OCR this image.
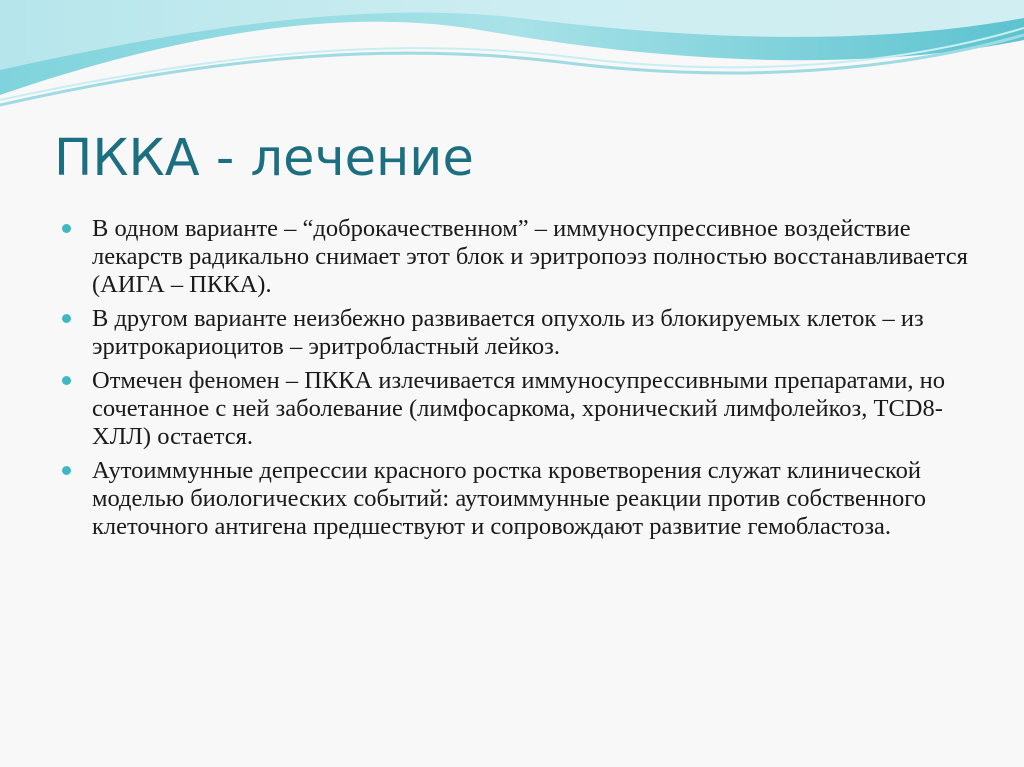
ПККА - лечение
В одном варианте – “доброкачественном” – иммуносупрессивное воздействие лекарств радикально снимает этот блок и эритропоэз полностью восстанавливается (АИГА – ПККА).
В другом варианте неизбежно развивается опухоль из блокируемых клеток – из эритрокариоцитов – эритробластный лейкоз.
Отмечен феномен – ПККА излечивается иммуносупрессивными препаратами, но сочетанное с ней заболевание (лимфосаркома, хронический лимфолейкоз, TCD8- ХЛЛ) остается.
Аутоиммунные депрессии красного ростка кроветворения служат клинической моделью биологических событий: аутоиммунные реакции против собственного клеточного антигена предшествуют и сопровождают развитие гемобластоза.
